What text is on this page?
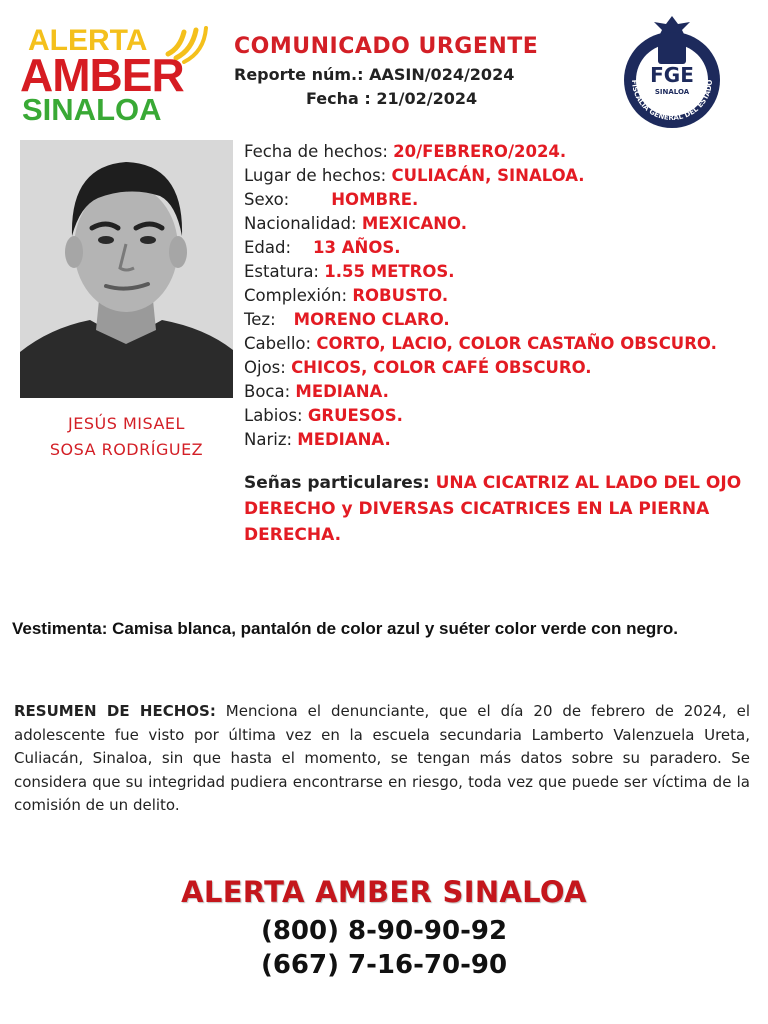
ALERTA
AMBER
SINALOA
COMUNICADO URGENTE
Reporte núm.: AASIN/024/2024
Fecha : 21/02/2024
FISCALÍA GENERAL DEL ESTADO
FGE
SINALOA
JESÚS MISAEL
SOSA RODRÍGUEZ
Fecha de hechos: 20/FEBRERO/2024.
Lugar de hechos: CULIACÁN, SINALOA.
Sexo:	HOMBRE.
Nacionalidad: MEXICANO.
Edad: 13 AÑOS.
Estatura: 1.55 METROS.
Complexión: ROBUSTO.
Tez: MORENO CLARO.
Cabello: CORTO, LACIO, COLOR CASTAÑO OBSCURO.
Ojos: CHICOS, COLOR CAFÉ OBSCURO.
Boca: MEDIANA.
Labios: GRUESOS.
Nariz: MEDIANA.
Señas particulares: UNA CICATRIZ AL LADO DEL OJO DERECHO y DIVERSAS CICATRICES EN LA PIERNA DERECHA.
Vestimenta: Camisa blanca, pantalón de color azul y suéter color verde con negro.
RESUMEN DE HECHOS: Menciona el denunciante, que el día 20 de febrero de 2024, el adolescente fue visto por última vez en la escuela secundaria Lamberto Valenzuela Ureta, Culiacán, Sinaloa, sin que hasta el momento, se tengan más datos sobre su paradero. Se considera que su integridad pudiera encontrarse en riesgo, toda vez que puede ser víctima de la comisión de un delito.
ALERTA AMBER SINALOA
(800) 8-90-90-92
(667) 7-16-70-90
